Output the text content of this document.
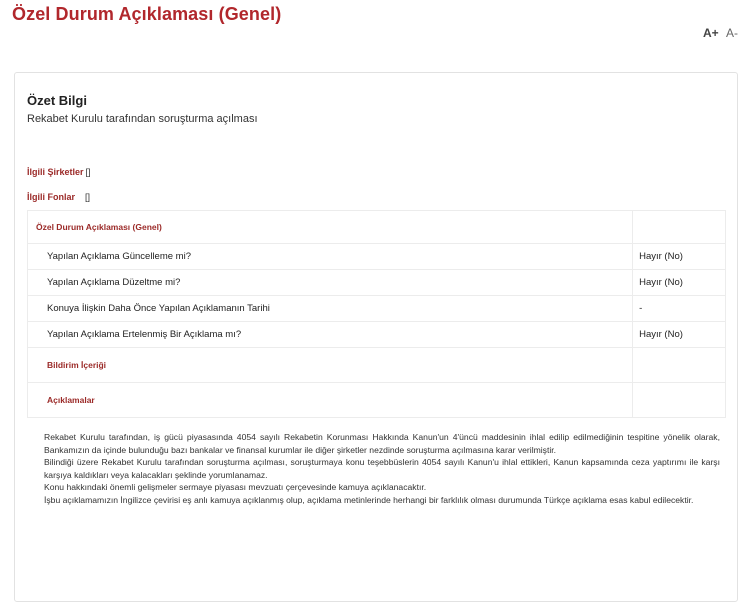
Özel Durum Açıklaması (Genel)
A+ A-
Özet Bilgi
Rekabet Kurulu tarafından soruşturma açılması
İlgili Şirketler []
İlgili Fonlar []
Özel Durum Açıklaması (Genel)	
Yapılan Açıklama Güncelleme mi?	Hayır (No)
Yapılan Açıklama Düzeltme mi?	Hayır (No)
Konuya İlişkin Daha Önce Yapılan Açıklamanın Tarihi	-
Yapılan Açıklama Ertelenmiş Bir Açıklama mı?	Hayır (No)
Bildirim İçeriği	
Açıklamalar	

Rekabet Kurulu tarafından, iş gücü piyasasında 4054 sayılı Rekabetin Korunması Hakkında Kanun'un 4'üncü maddesinin ihlal edilip edilmediğinin tespitine yönelik olarak, Bankamızın da içinde bulunduğu bazı bankalar ve finansal kurumlar ile diğer şirketler nezdinde soruşturma açılmasına karar verilmiştir.

Bilindiği üzere Rekabet Kurulu tarafından soruşturma açılması, soruşturmaya konu teşebbüslerin 4054 sayılı Kanun'u ihlal ettikleri, Kanun kapsamında ceza yaptırımı ile karşı karşıya kaldıkları veya kalacakları şeklinde yorumlanamaz.

Konu hakkındaki önemli gelişmeler sermaye piyasası mevzuatı çerçevesinde kamuya açıklanacaktır.

İşbu açıklamamızın İngilizce çevirisi eş anlı kamuya açıklanmış olup, açıklama metinlerinde herhangi bir farklılık olması durumunda Türkçe açıklama esas kabul edilecektir.
